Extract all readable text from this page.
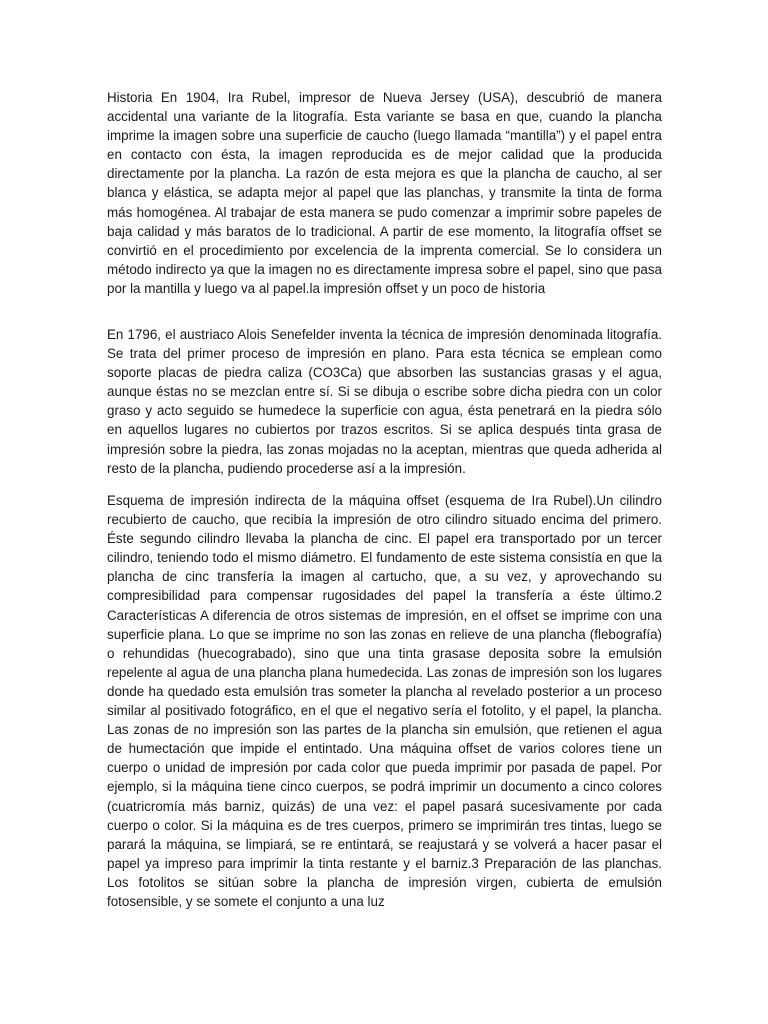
Historia En 1904, Ira Rubel, impresor de Nueva Jersey (USA), descubrió de manera accidental una variante de la litografía. Esta variante se basa en que, cuando la plancha imprime la imagen sobre una superficie de caucho (luego llamada “mantilla”) y el papel entra en contacto con ésta, la imagen reproducida es de mejor calidad que la producida directamente por la plancha. La razón de esta mejora es que la plancha de caucho, al ser blanca y elástica, se adapta mejor al papel que las planchas, y transmite la tinta de forma más homogénea. Al trabajar de esta manera se pudo comenzar a imprimir sobre papeles de baja calidad y más baratos de lo tradicional. A partir de ese momento, la litografía offset se convirtió en el procedimiento por excelencia de la imprenta comercial. Se lo considera un método indirecto ya que la imagen no es directamente impresa sobre el papel, sino que pasa por la mantilla y luego va al papel.la impresión offset y un poco de historia

En 1796, el austriaco Alois Senefelder inventa la técnica de impresión denominada litografía. Se trata del primer proceso de impresión en plano. Para esta técnica se emplean como soporte placas de piedra caliza (CO3Ca) que absorben las sustancias grasas y el agua, aunque éstas no se mezclan entre sí. Si se dibuja o escribe sobre dicha piedra con un color graso y acto seguido se humedece la superficie con agua, ésta penetrará en la piedra sólo en aquellos lugares no cubiertos por trazos escritos. Si se aplica después tinta grasa de impresión sobre la piedra, las zonas mojadas no la aceptan, mientras que queda adherida al resto de la plancha, pudiendo procederse así a la impresión.

Esquema de impresión indirecta de la máquina offset (esquema de Ira Rubel).Un cilindro recubierto de caucho, que recibía la impresión de otro cilindro situado encima del primero. Éste segundo cilindro llevaba la plancha de cinc. El papel era transportado por un tercer cilindro, teniendo todo el mismo diámetro. El fundamento de este sistema consistía en que la plancha de cinc transfería la imagen al cartucho, que, a su vez, y aprovechando su compresibilidad para compensar rugosidades del papel la transfería a éste último.2 Características A diferencia de otros sistemas de impresión, en el offset se imprime con una superficie plana. Lo que se imprime no son las zonas en relieve de una plancha (flebografía) o rehundidas (huecograbado), sino que una tinta grasase deposita sobre la emulsión repelente al agua de una plancha plana humedecida. Las zonas de impresión son los lugares donde ha quedado esta emulsión tras someter la plancha al revelado posterior a un proceso similar al positivado fotográfico, en el que el negativo sería el fotolito, y el papel, la plancha. Las zonas de no impresión son las partes de la plancha sin emulsión, que retienen el agua de humectación que impide el entintado. Una máquina offset de varios colores tiene un cuerpo o unidad de impresión por cada color que pueda imprimir por pasada de papel. Por ejemplo, si la máquina tiene cinco cuerpos, se podrá imprimir un documento a cinco colores (cuatricromía más barniz, quizás) de una vez: el papel pasará sucesivamente por cada cuerpo o color. Si la máquina es de tres cuerpos, primero se imprimirán tres tintas, luego se parará la máquina, se limpiará, se re entintará, se reajustará y se volverá a hacer pasar el papel ya impreso para imprimir la tinta restante y el barniz.3 Preparación de las planchas. Los fotolitos se sitúan sobre la plancha de impresión virgen, cubierta de emulsión fotosensible, y se somete el conjunto a una luz
